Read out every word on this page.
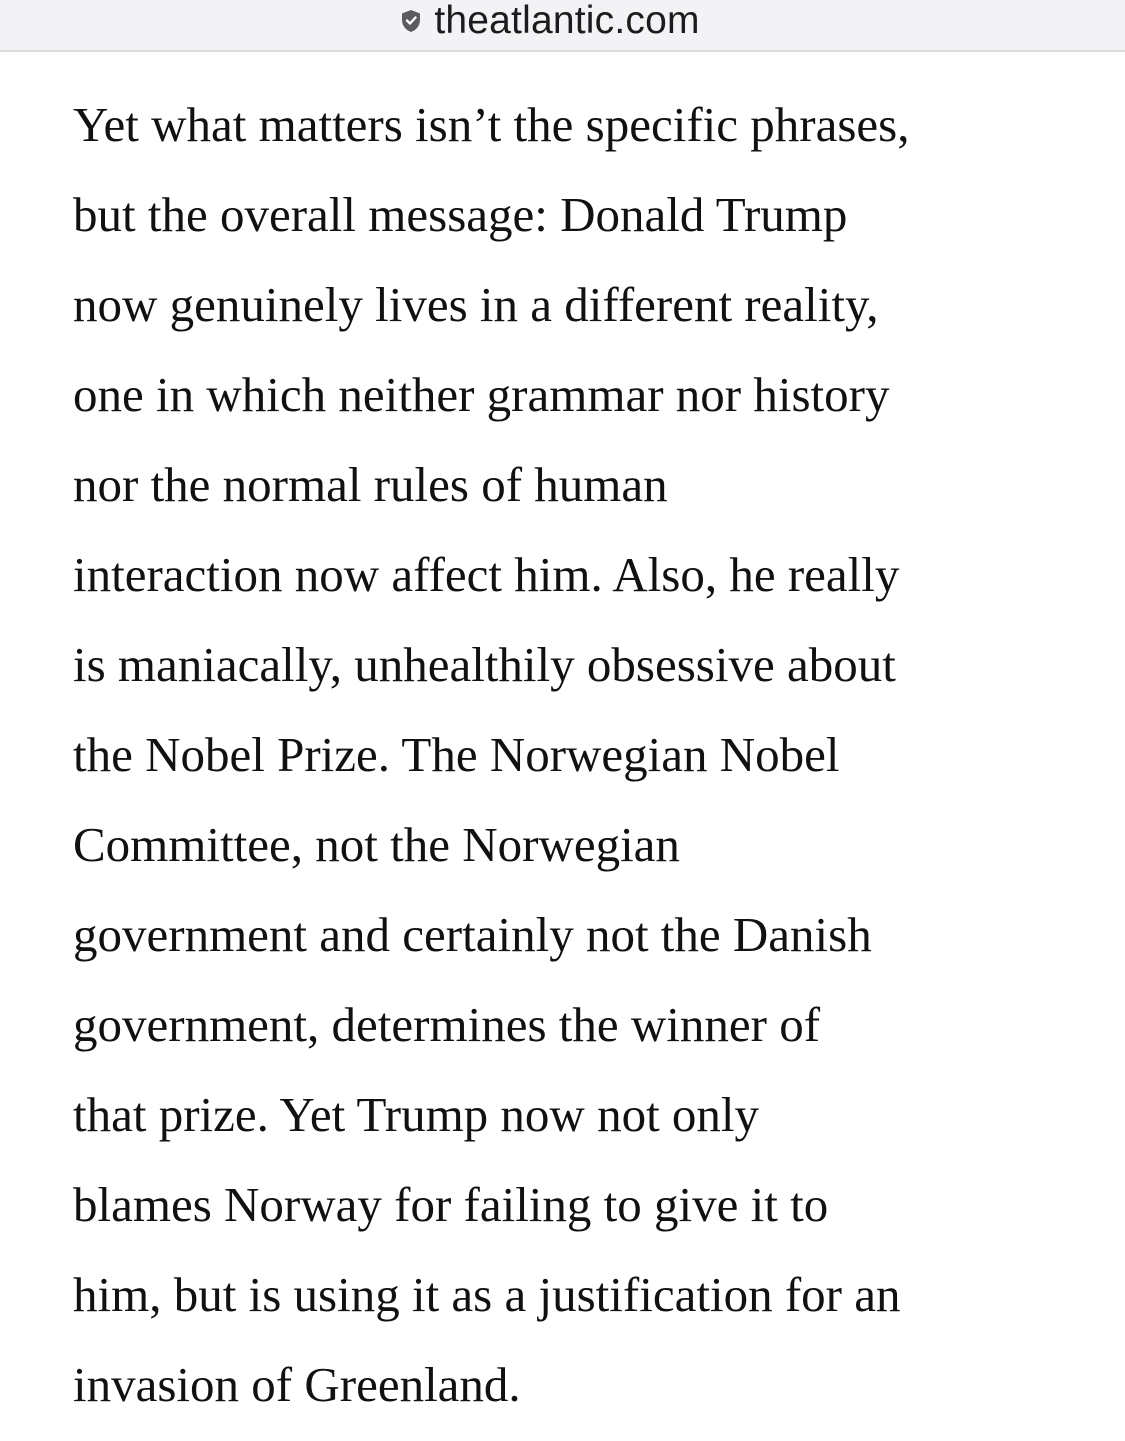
theatlantic.com

Yet what matters isn’t the specific phrases,
but the overall message: Donald Trump
now genuinely lives in a different reality,
one in which neither grammar nor history
nor the normal rules of human
interaction now affect him. Also, he really
is maniacally, unhealthily obsessive about
the Nobel Prize. The Norwegian Nobel
Committee, not the Norwegian
government and certainly not the Danish
government, determines the winner of
that prize. Yet Trump now not only
blames Norway for failing to give it to
him, but is using it as a justification for an
invasion of Greenland.
